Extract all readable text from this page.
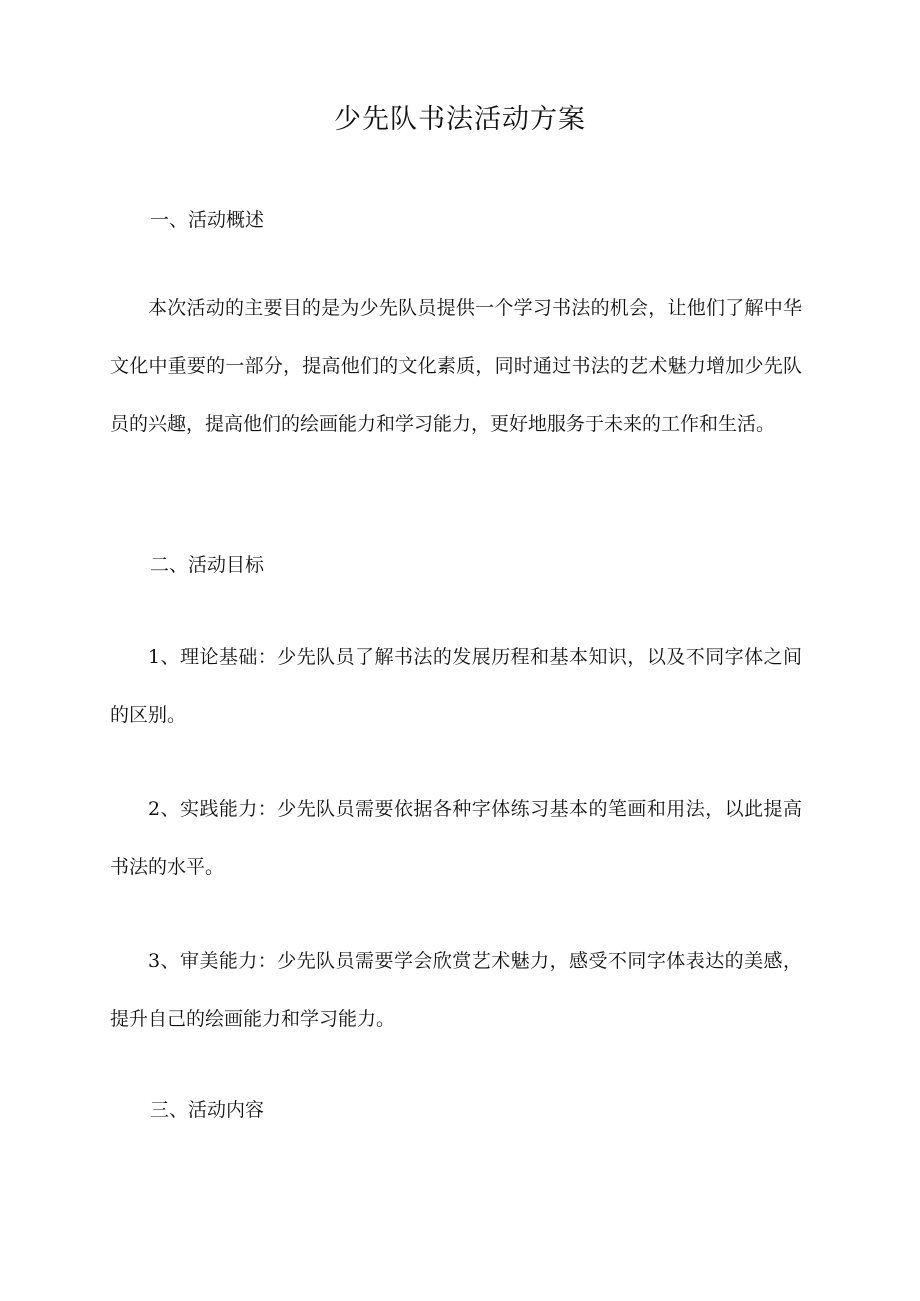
少先队书法活动方案
一、活动概述
本次活动的主要目的是为少先队员提供一个学习书法的机会，让他们了解中华文化中重要的一部分，提高他们的文化素质，同时通过书法的艺术魅力增加少先队员的兴趣，提高他们的绘画能力和学习能力，更好地服务于未来的工作和生活。
二、活动目标
1、理论基础：少先队员了解书法的发展历程和基本知识，以及不同字体之间的区别。
2、实践能力：少先队员需要依据各种字体练习基本的笔画和用法，以此提高书法的水平。
3、审美能力：少先队员需要学会欣赏艺术魅力，感受不同字体表达的美感，提升自己的绘画能力和学习能力。
三、活动内容
